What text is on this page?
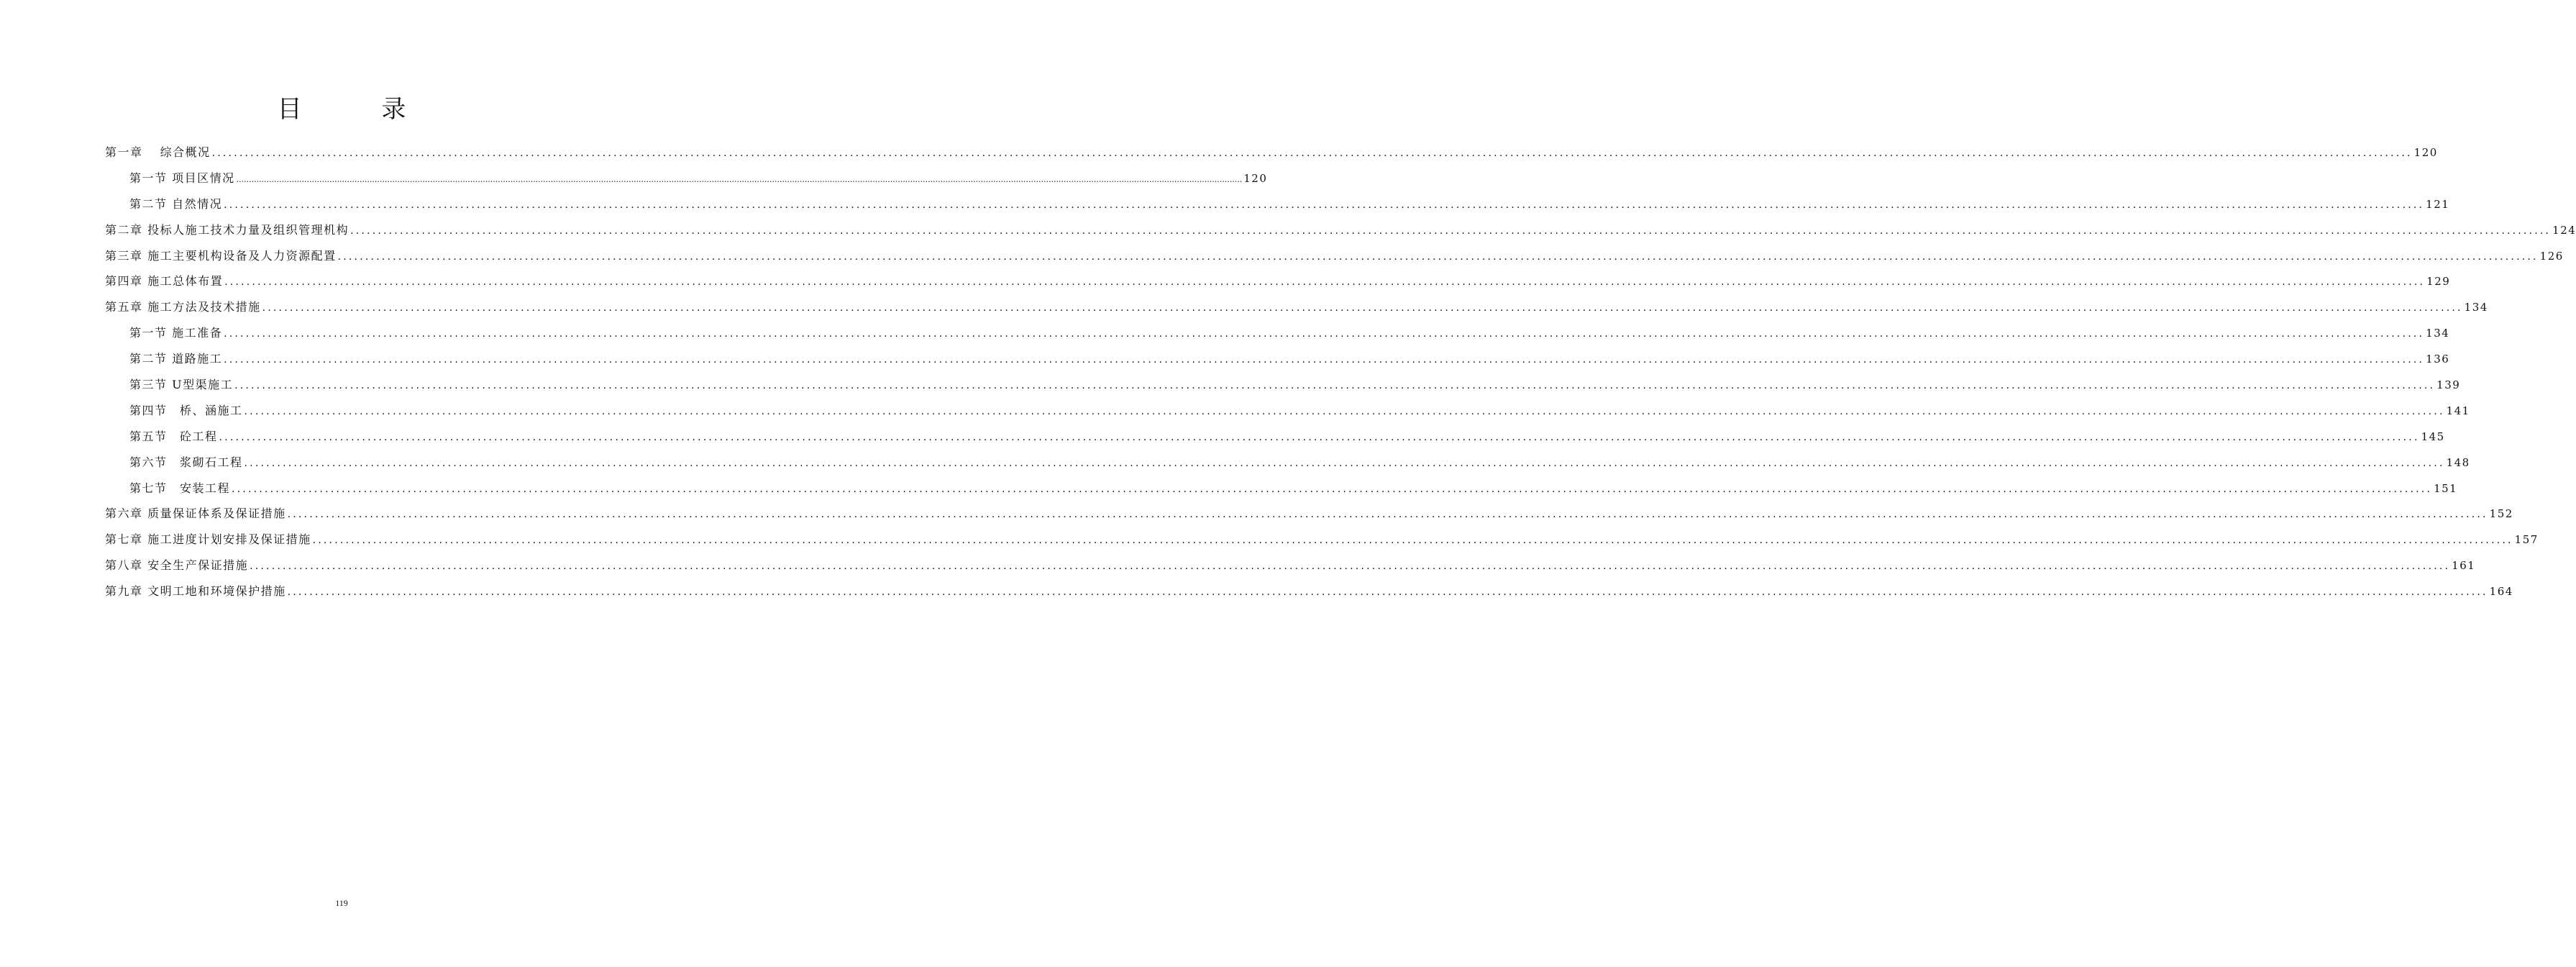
目 录
第一章　 综合概况 ................................................................................................................................................................................................................................................................................................................................................................................................................ 120
第一节 项目区情况 ................................................................................................................................................................................................................................................................................................................................................................................................................ 120
第二节 自然情况 ................................................................................................................................................................................................................................................................................................................................................................................................................ 121
第二章 投标人施工技术力量及组织管理机构 ................................................................................................................................................................................................................................................................................................................................................................................................................ 124
第三章 施工主要机构设备及人力资源配置 ................................................................................................................................................................................................................................................................................................................................................................................................................ 126
第四章 施工总体布置 ................................................................................................................................................................................................................................................................................................................................................................................................................ 129
第五章 施工方法及技术措施 ................................................................................................................................................................................................................................................................................................................................................................................................................ 134
第一节 施工准备 ................................................................................................................................................................................................................................................................................................................................................................................................................ 134
第二节 道路施工 ................................................................................................................................................................................................................................................................................................................................................................................................................ 136
第三节 U型渠施工 ................................................................................................................................................................................................................................................................................................................................................................................................................ 139
第四节　桥、涵施工 ................................................................................................................................................................................................................................................................................................................................................................................................................ 141
第五节　砼工程 ................................................................................................................................................................................................................................................................................................................................................................................................................ 145
第六节　浆砌石工程 ................................................................................................................................................................................................................................................................................................................................................................................................................ 148
第七节　安装工程 ................................................................................................................................................................................................................................................................................................................................................................................................................ 151
第六章 质量保证体系及保证措施 ................................................................................................................................................................................................................................................................................................................................................................................................................ 152
第七章 施工进度计划安排及保证措施 ................................................................................................................................................................................................................................................................................................................................................................................................................ 157
第八章 安全生产保证措施 ................................................................................................................................................................................................................................................................................................................................................................................................................ 161
第九章 文明工地和环境保护措施 ................................................................................................................................................................................................................................................................................................................................................................................................................ 164
119
